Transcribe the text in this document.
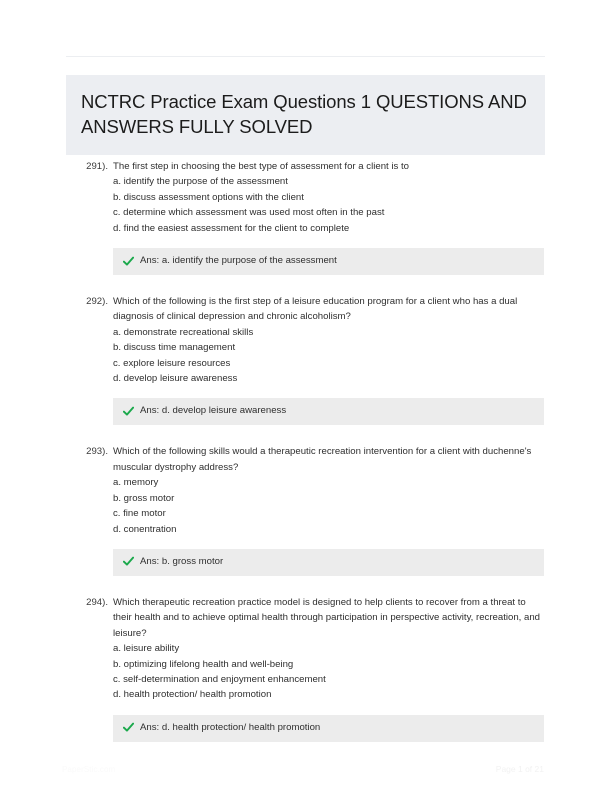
NCTRC Practice Exam Questions 1 QUESTIONS AND ANSWERS FULLY SOLVED
291). The first step in choosing the best type of assessment for a client is to

a. identify the purpose of the assessment
b. discuss assessment options with the client
c. determine which assessment was used most often in the past
d. find the easiest assessment for the client to complete
Ans: a. identify the purpose of the assessment
292). Which of the following is the first step of a leisure education program for a client who has a dual diagnosis of clinical depression and chronic alcoholism?

a. demonstrate recreational skills
b. discuss time management
c. explore leisure resources
d. develop leisure awareness
Ans: d. develop leisure awareness
293). Which of the following skills would a therapeutic recreation intervention for a client with duchenne's muscular dystrophy address?

a. memory
b. gross motor
c. fine motor
d. conentration
Ans: b. gross motor
294). Which therapeutic recreation practice model is designed to help clients to recover from a threat to their health and to achieve optimal health through participation in perspective activity, recreation, and leisure?

a. leisure ability
b. optimizing lifelong health and well-being
c. self-determination and enjoyment enhancement
d. health protection/ health promotion
Ans: d. health protection/ health promotion
PaperStic.com	Page 1 of 21
